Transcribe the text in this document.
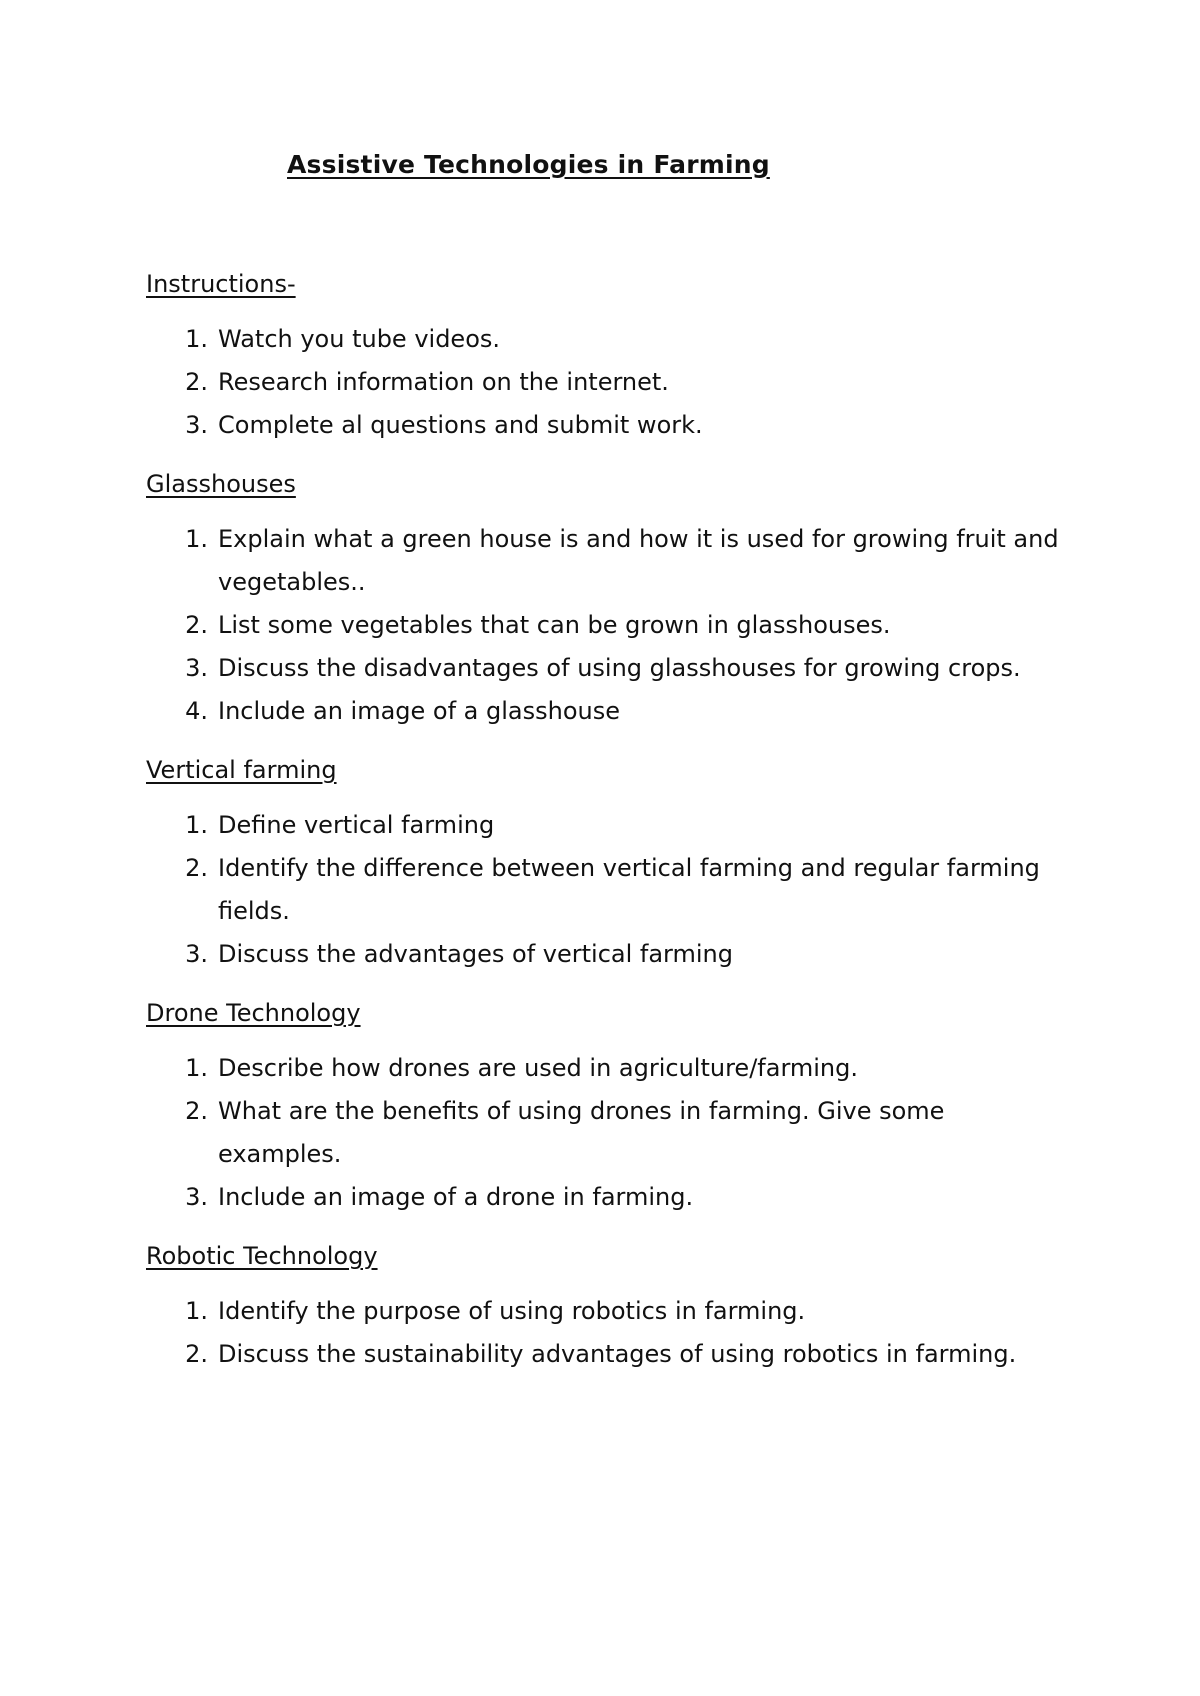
Assistive Technologies in Farming
Instructions-
1. Watch you tube videos.
2. Research information on the internet.
3. Complete al questions and submit work.
Glasshouses
1. Explain what a green house is and how it is used for growing fruit and vegetables..
2. List some vegetables that can be grown in glasshouses.
3. Discuss the disadvantages of using glasshouses for growing crops.
4. Include an image of a glasshouse
Vertical farming
1. Define vertical farming
2. Identify the difference between vertical farming and regular farming fields.
3. Discuss the advantages of vertical farming
Drone Technology
1. Describe how drones are used in agriculture/farming.
2. What are the benefits of using drones in farming. Give some examples.
3. Include an image of a drone in farming.
Robotic Technology
1. Identify the purpose of using robotics in farming.
2. Discuss the sustainability advantages of using robotics in farming.
